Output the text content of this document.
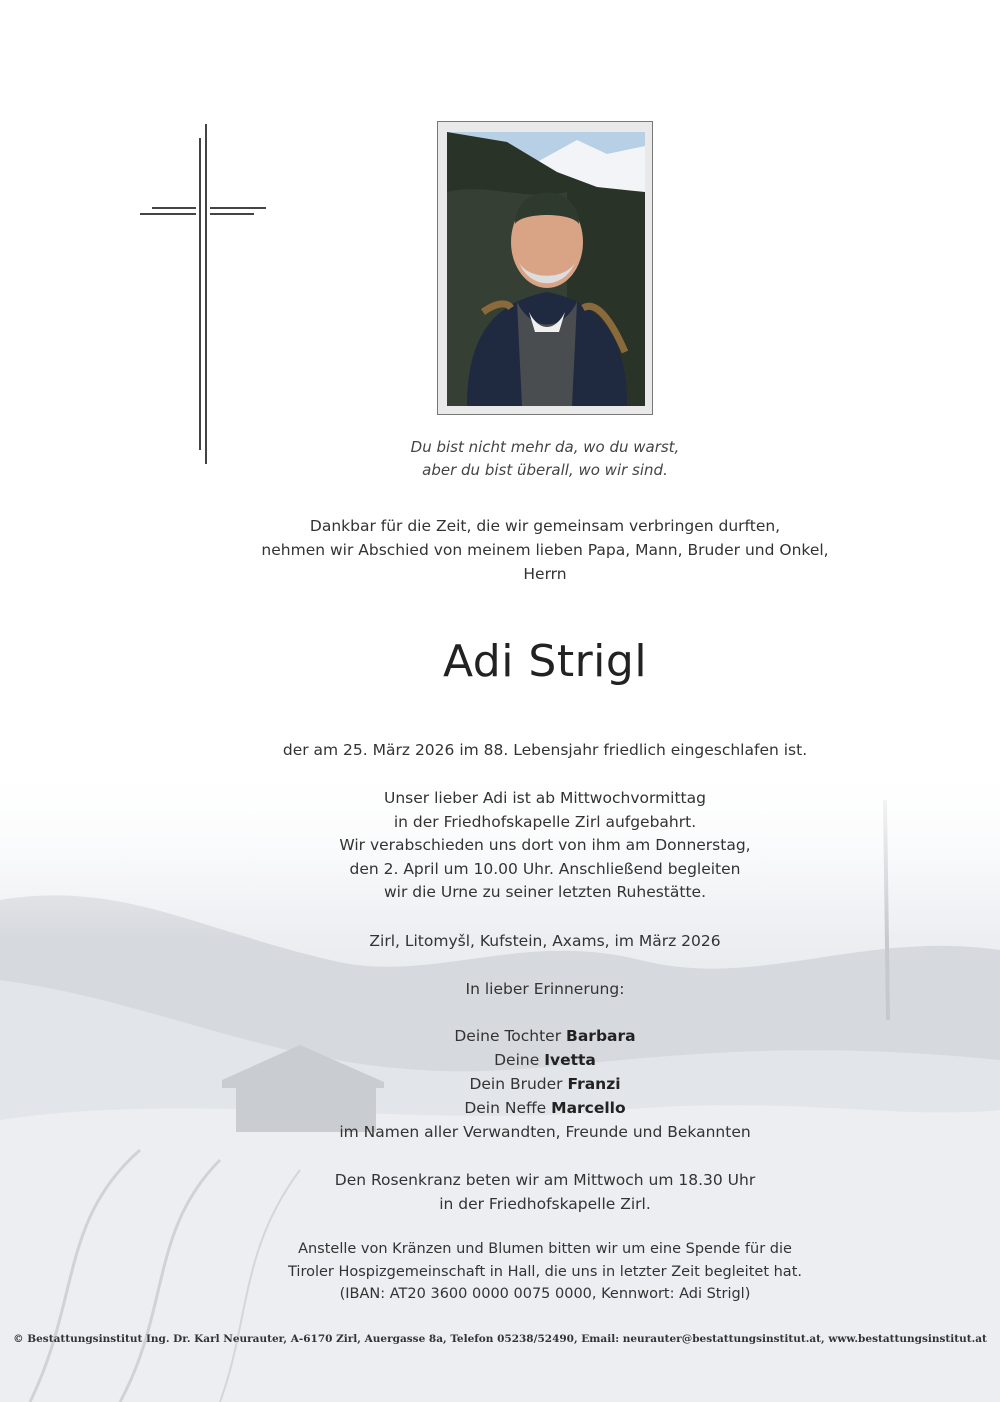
Du bist nicht mehr da, wo du warst,
aber du bist überall, wo wir sind.
Dankbar für die Zeit, die wir gemeinsam verbringen durften,
nehmen wir Abschied von meinem lieben Papa, Mann, Bruder und Onkel,
Herrn
Adi Strigl
der am 25. März 2026 im 88. Lebensjahr friedlich eingeschlafen ist.
Unser lieber Adi ist ab Mittwochvormittag
in der Friedhofskapelle Zirl aufgebahrt.
Wir verabschieden uns dort von ihm am Donnerstag,
den 2. April um 10.00 Uhr. Anschließend begleiten
wir die Urne zu seiner letzten Ruhestätte.
Zirl, Litomyšl, Kufstein, Axams, im März 2026
In lieber Erinnerung:
Deine Tochter Barbara
Deine Ivetta
Dein Bruder Franzi
Dein Neffe Marcello
im Namen aller Verwandten, Freunde und Bekannten
Den Rosenkranz beten wir am Mittwoch um 18.30 Uhr
in der Friedhofskapelle Zirl.
Anstelle von Kränzen und Blumen bitten wir um eine Spende für die
Tiroler Hospizgemeinschaft in Hall, die uns in letzter Zeit begleitet hat.
(IBAN: AT20 3600 0000 0075 0000, Kennwort: Adi Strigl)
© Bestattungsinstitut Ing. Dr. Karl Neurauter, A-6170 Zirl, Auergasse 8a, Telefon 05238/52490, Email: neurauter@bestattungsinstitut.at, www.bestattungsinstitut.at
